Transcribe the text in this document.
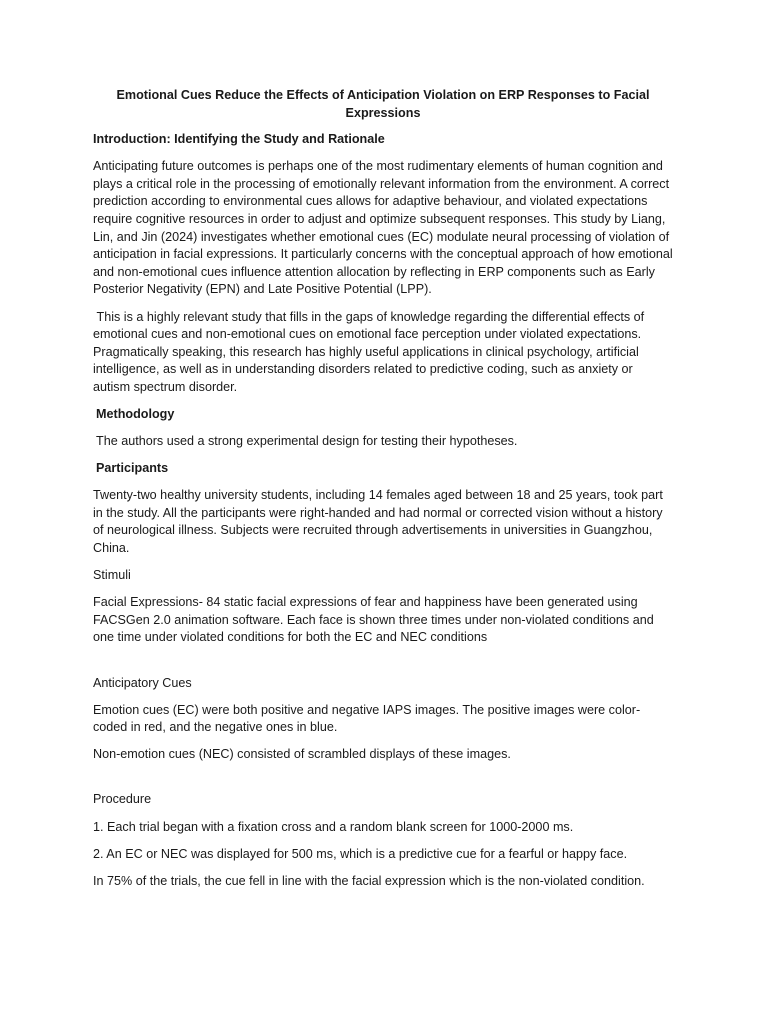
Emotional Cues Reduce the Effects of Anticipation Violation on ERP Responses to Facial Expressions

Introduction: Identifying the Study and Rationale

Anticipating future outcomes is perhaps one of the most rudimentary elements of human cognition and plays a critical role in the processing of emotionally relevant information from the environment. A correct prediction according to environmental cues allows for adaptive behaviour, and violated expectations require cognitive resources in order to adjust and optimize subsequent responses. This study by Liang, Lin, and Jin (2024) investigates whether emotional cues (EC) modulate neural processing of violation of anticipation in facial expressions. It particularly concerns with the conceptual approach of how emotional and non-emotional cues influence attention allocation by reflecting in ERP components such as Early Posterior Negativity (EPN) and Late Positive Potential (LPP).

This is a highly relevant study that fills in the gaps of knowledge regarding the differential effects of emotional cues and non-emotional cues on emotional face perception under violated expectations. Pragmatically speaking, this research has highly useful applications in clinical psychology, artificial intelligence, as well as in understanding disorders related to predictive coding, such as anxiety or autism spectrum disorder.

Methodology

The authors used a strong experimental design for testing their hypotheses.

Participants

Twenty-two healthy university students, including 14 females aged between 18 and 25 years, took part in the study. All the participants were right-handed and had normal or corrected vision without a history of neurological illness. Subjects were recruited through advertisements in universities in Guangzhou, China.

Stimuli

Facial Expressions- 84 static facial expressions of fear and happiness have been generated using FACSGen 2.0 animation software. Each face is shown three times under non-violated conditions and one time under violated conditions for both the EC and NEC conditions

Anticipatory Cues

Emotion cues (EC) were both positive and negative IAPS images. The positive images were color-coded in red, and the negative ones in blue.

Non-emotion cues (NEC) consisted of scrambled displays of these images.

Procedure

1. Each trial began with a fixation cross and a random blank screen for 1000-2000 ms.

2. An EC or NEC was displayed for 500 ms, which is a predictive cue for a fearful or happy face.

In 75% of the trials, the cue fell in line with the facial expression which is the non-violated condition.
